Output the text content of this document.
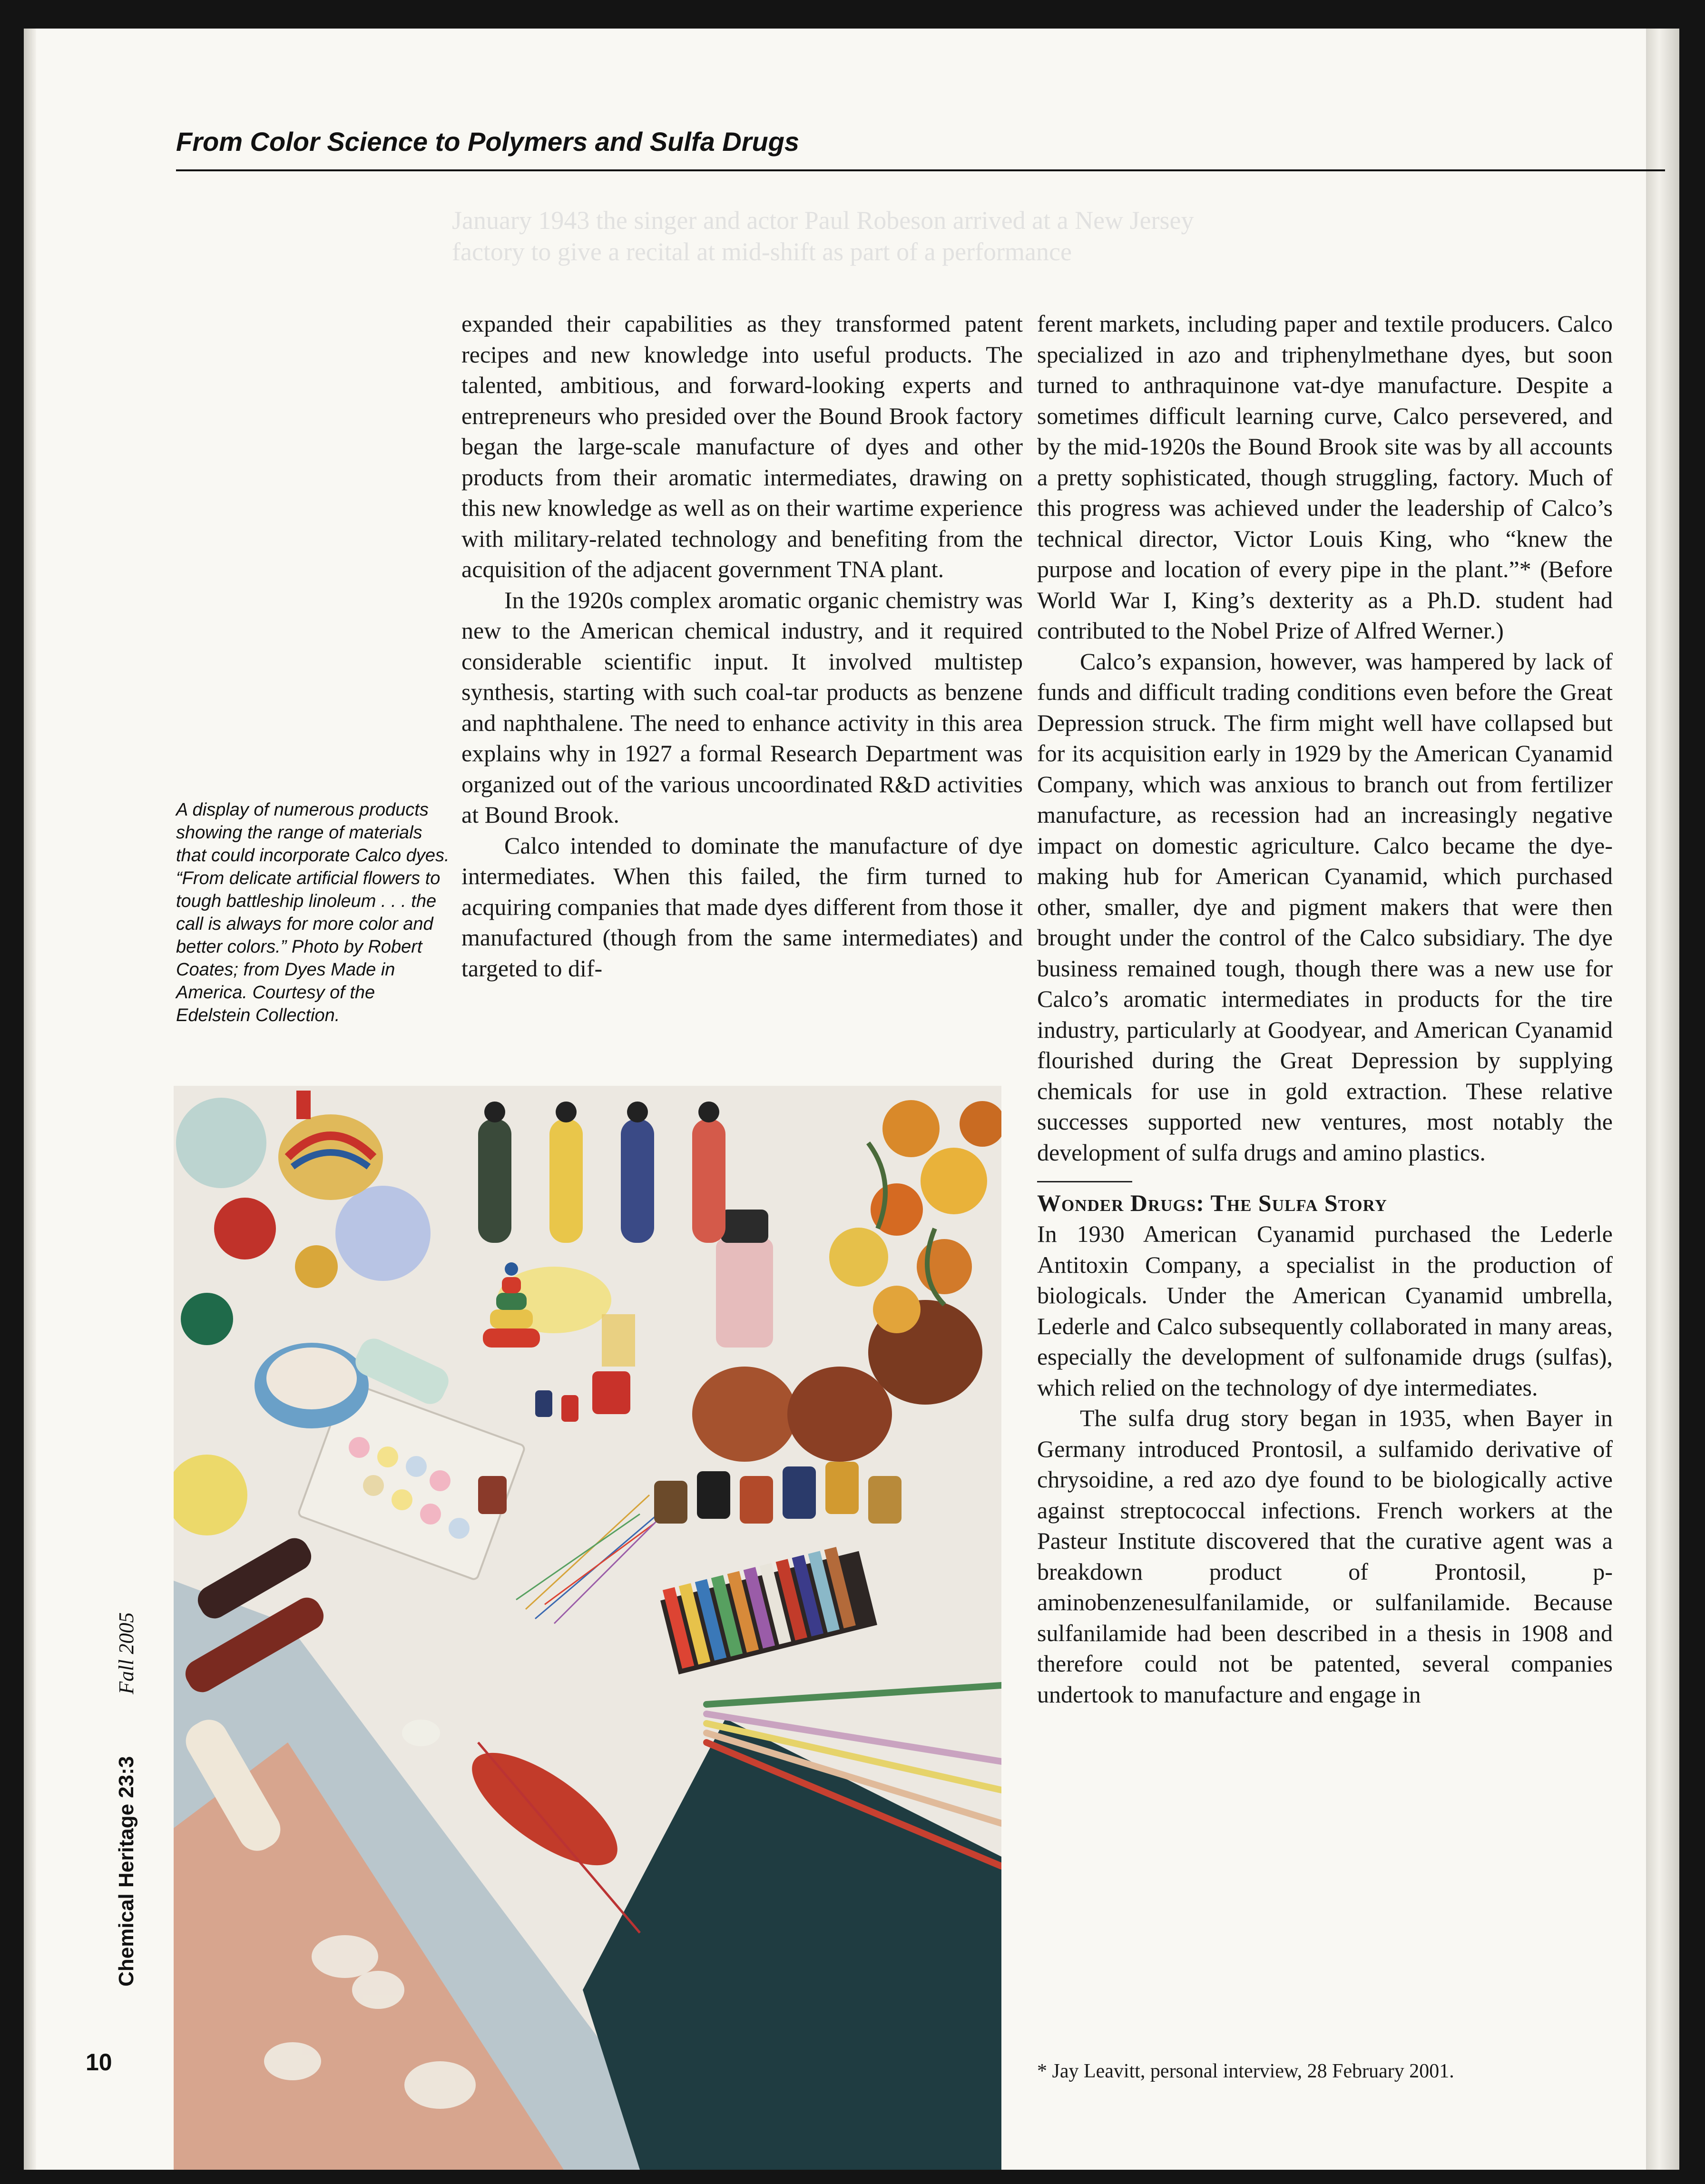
From Color Science to Polymers and Sulfa Drugs
January 1943 the singer and actor Paul Robeson arrived at a New Jersey factory to give a recital at mid-shift as part of a performance

expanded their capabilities as they transformed patent recipes and new knowledge into useful products. The talented, ambitious, and forward-looking experts and entrepreneurs who presided over the Bound Brook factory began the large-scale manufacture of dyes and other products from their aromatic intermediates, drawing on this new knowledge as well as on their wartime experience with military-related technology and benefiting from the acquisition of the adjacent government TNA plant.

In the 1920s complex aromatic organic chemistry was new to the American chemical industry, and it required considerable scientific input. It involved multistep synthesis, starting with such coal-tar products as benzene and naphthalene. The need to enhance activity in this area explains why in 1927 a formal Research Department was organized out of the various uncoordinated R&D activities at Bound Brook.

Calco intended to dominate the manufacture of dye intermediates. When this failed, the firm turned to acquiring companies that made dyes different from those it manufactured (though from the same intermediates) and targeted to dif-

ferent markets, including paper and textile producers. Calco specialized in azo and triphenylmethane dyes, but soon turned to anthraquinone vat-dye manufacture. Despite a sometimes difficult learning curve, Calco persevered, and by the mid-1920s the Bound Brook site was by all accounts a pretty sophisticated, though struggling, factory. Much of this progress was achieved under the leadership of Calco’s technical director, Victor Louis King, who “knew the purpose and location of every pipe in the plant.”* (Before World War I, King’s dexterity as a Ph.D. student had contributed to the Nobel Prize of Alfred Werner.)

Calco’s expansion, however, was hampered by lack of funds and difficult trading conditions even before the Great Depression struck. The firm might well have collapsed but for its acquisition early in 1929 by the American Cyanamid Company, which was anxious to branch out from fertilizer manufacture, as recession had an increasingly negative impact on domestic agriculture. Calco became the dye-making hub for American Cyanamid, which purchased other, smaller, dye and pigment makers that were then brought under the control of the Calco subsidiary. The dye business remained tough, though there was a new use for Calco’s aromatic intermediates in products for the tire industry, particularly at Goodyear, and American Cyanamid flourished during the Great Depression by supplying chemicals for use in gold extraction. These relative successes supported new ventures, most notably the development of sulfa drugs and amino plastics.

Wonder Drugs: The Sulfa Story

In 1930 American Cyanamid purchased the Lederle Antitoxin Company, a specialist in the production of biologicals. Under the American Cyanamid umbrella, Lederle and Calco subsequently collaborated in many areas, especially the development of sulfonamide drugs (sulfas), which relied on the technology of dye intermediates.

The sulfa drug story began in 1935, when Bayer in Germany introduced Prontosil, a sulfamido derivative of chrysoidine, a red azo dye found to be biologically active against streptococcal infections. French workers at the Pasteur Institute discovered that the curative agent was a breakdown product of Prontosil, p-aminobenzenesulfanilamide, or sulfanilamide. Because sulfanilamide had been described in a thesis in 1908 and therefore could not be patented, several companies undertook to manufacture and engage in

* Jay Leavitt, personal interview, 28 February 2001.

A display of numerous products showing the range of materials that could incorporate Calco dyes. “From delicate artificial flowers to tough battleship linoleum . . . the call is always for more color and better colors.” Photo by Robert Coates; from Dyes Made in America. Courtesy of the Edelstein Collection.

Chemical Heritage 23:3Fall 2005
10
